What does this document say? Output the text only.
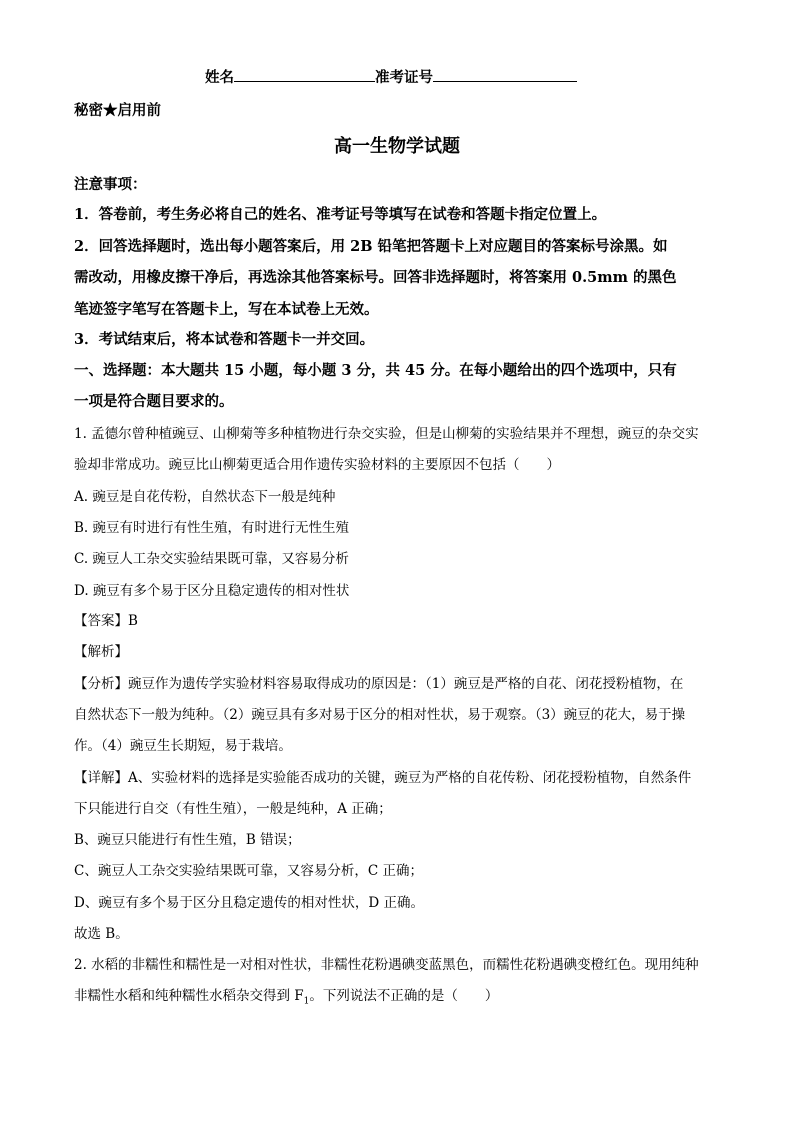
姓名	准考证号
秘密★启用前
高一生物学试题
注意事项：
1．答卷前，考生务必将自己的姓名、准考证号等填写在试卷和答题卡指定位置上。
2．回答选择题时，选出每小题答案后，用 2B 铅笔把答题卡上对应题目的答案标号涂黑。如
需改动，用橡皮擦干净后，再选涂其他答案标号。回答非选择题时，将答案用 0.5mm 的黑色
笔迹签字笔写在答题卡上，写在本试卷上无效。
3．考试结束后，将本试卷和答题卡一并交回。
一、选择题：本大题共 15 小题，每小题 3 分，共 45 分。在每小题给出的四个选项中，只有
一项是符合题目要求的。
1. 孟德尔曾种植豌豆、山柳菊等多种植物进行杂交实验，但是山柳菊的实验结果并不理想，豌豆的杂交实
验却非常成功。豌豆比山柳菊更适合用作遗传实验材料的主要原因不包括（　　）
A. 豌豆是自花传粉，自然状态下一般是纯种
B. 豌豆有时进行有性生殖，有时进行无性生殖
C. 豌豆人工杂交实验结果既可靠，又容易分析
D. 豌豆有多个易于区分且稳定遗传的相对性状
【答案】B
【解析】
【分析】豌豆作为遗传学实验材料容易取得成功的原因是：（1）豌豆是严格的自花、闭花授粉植物，在
自然状态下一般为纯种。（2）豌豆具有多对易于区分的相对性状，易于观察。（3）豌豆的花大，易于操
作。（4）豌豆生长期短，易于栽培。
【详解】A、实验材料的选择是实验能否成功的关键，豌豆为严格的自花传粉、闭花授粉植物，自然条件
下只能进行自交（有性生殖），一般是纯种，A 正确；
B、豌豆只能进行有性生殖，B 错误；
C、豌豆人工杂交实验结果既可靠，又容易分析，C 正确；
D、豌豆有多个易于区分且稳定遗传的相对性状，D 正确。
故选 B。
2. 水稻的非糯性和糯性是一对相对性状，非糯性花粉遇碘变蓝黑色，而糯性花粉遇碘变橙红色。现用纯种
非糯性水稻和纯种糯性水稻杂交得到 $F_1$。下列说法不正确的是（　　）
